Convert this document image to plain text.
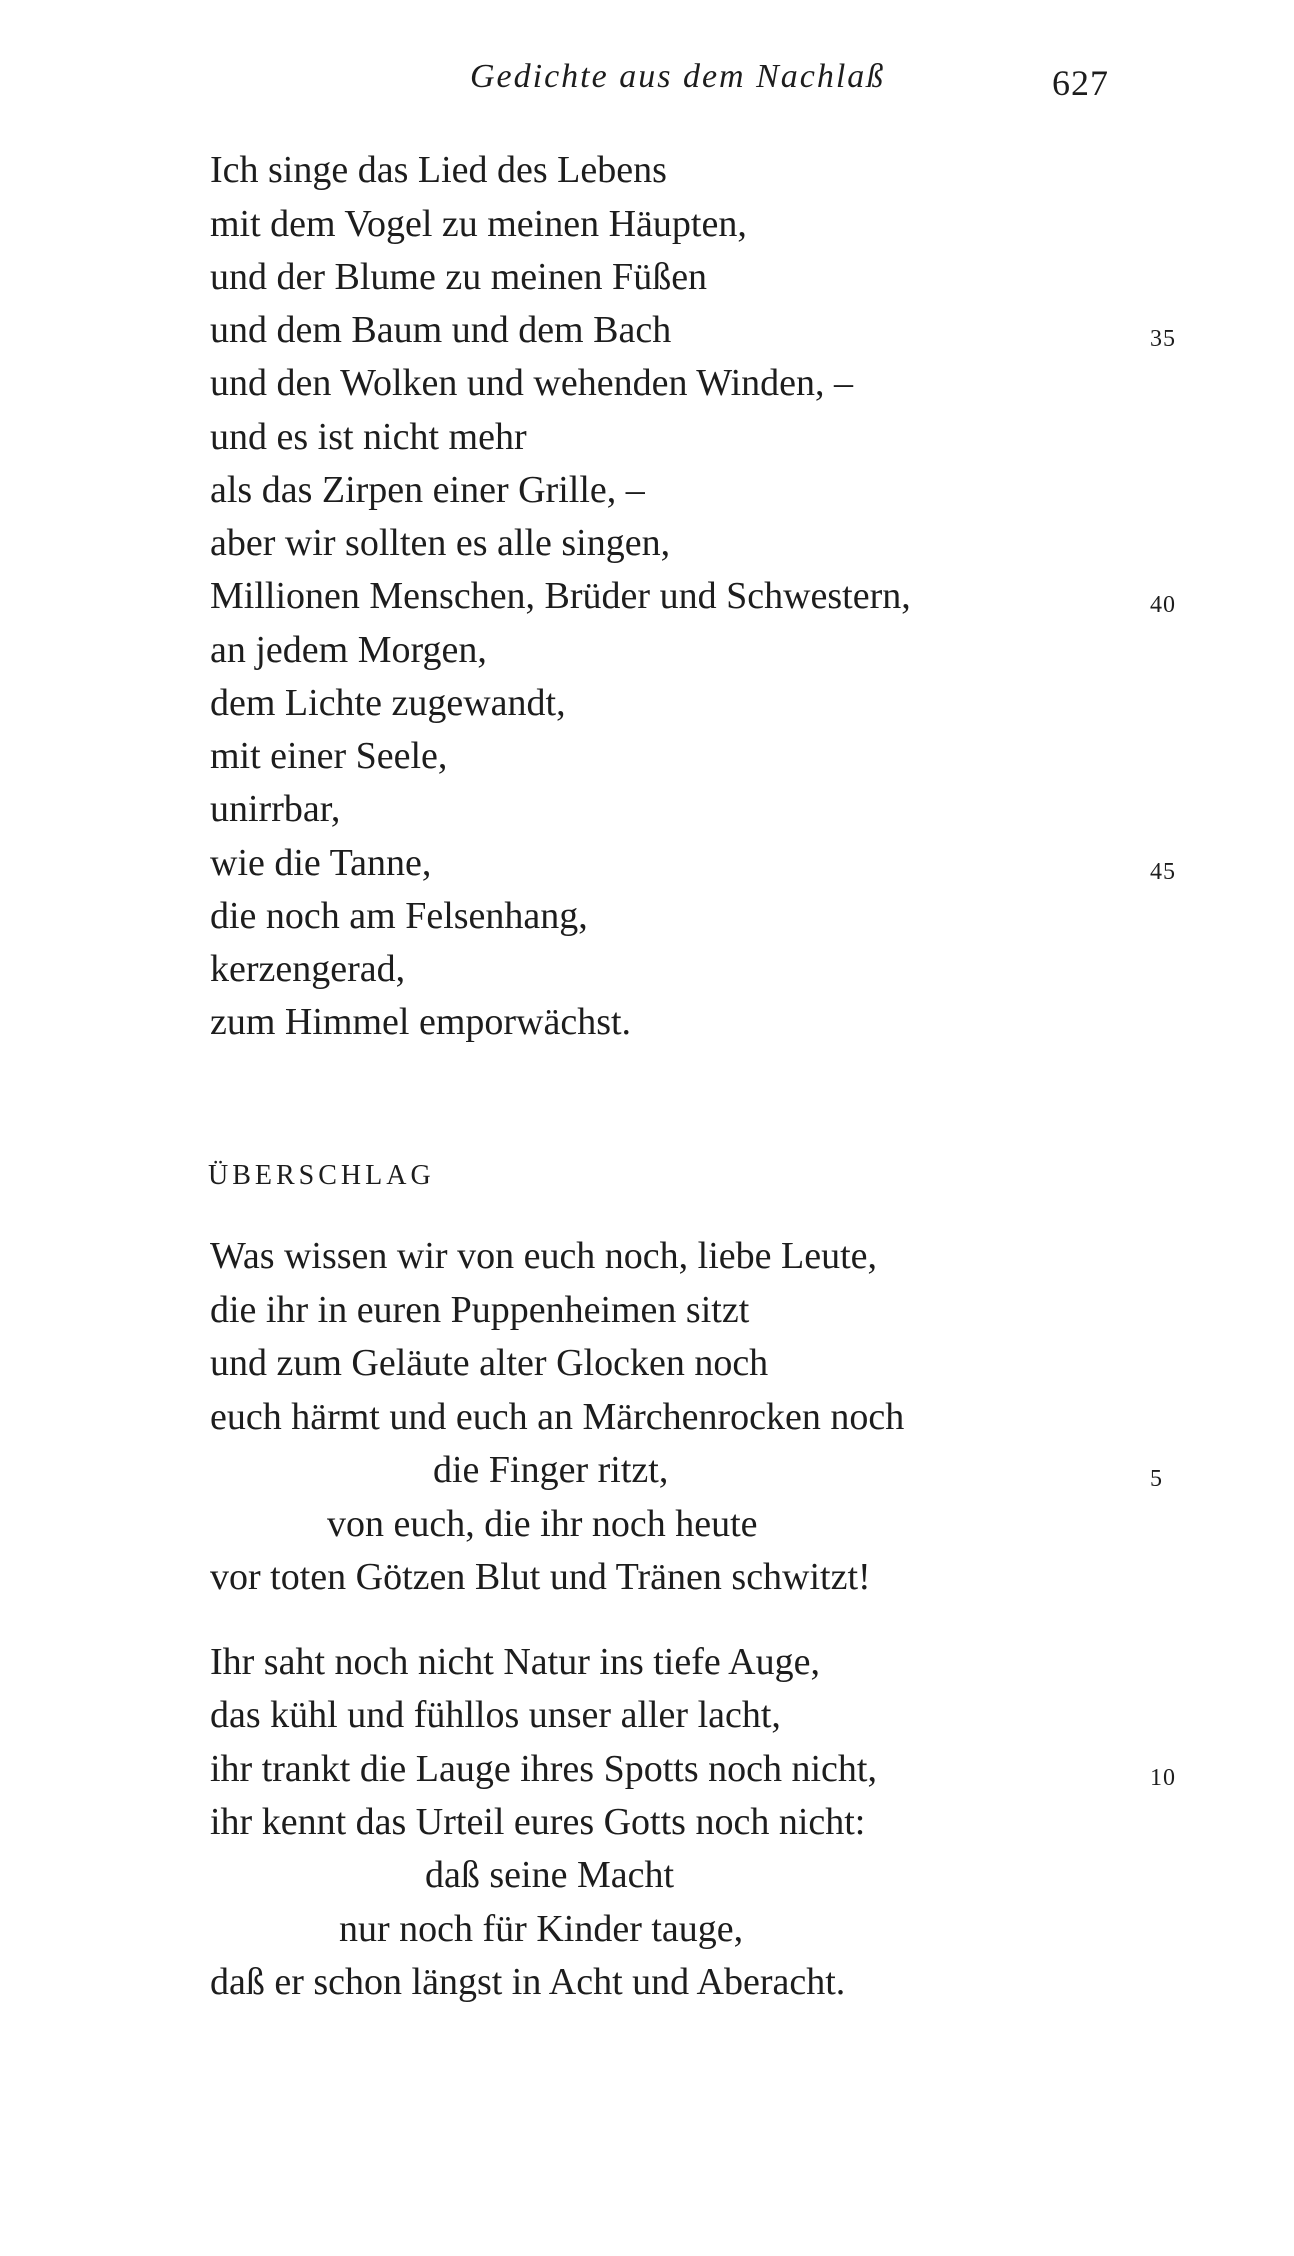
Gedichte aus dem Nachlaß	627
Ich singe das Lied des Lebens
mit dem Vogel zu meinen Häupten,
und der Blume zu meinen Füßen
und dem Baum und dem Bach
und den Wolken und wehenden Winden, –
und es ist nicht mehr
als das Zirpen einer Grille, –
aber wir sollten es alle singen,
Millionen Menschen, Brüder und Schwestern,
an jedem Morgen,
dem Lichte zugewandt,
mit einer Seele,
unirrbar,
wie die Tanne,
die noch am Felsenhang,
kerzengerad,
zum Himmel emporwächst.
35
40
45
ÜBERSCHLAG
Was wissen wir von euch noch, liebe Leute,
die ihr in euren Puppenheimen sitzt
und zum Geläute alter Glocken noch
euch härmt und euch an Märchenrocken noch
die Finger ritzt,
von euch, die ihr noch heute
vor toten Götzen Blut und Tränen schwitzt!
Ihr saht noch nicht Natur ins tiefe Auge,
das kühl und fühllos unser aller lacht,
ihr trankt die Lauge ihres Spotts noch nicht,
ihr kennt das Urteil eures Gotts noch nicht:
daß seine Macht
nur noch für Kinder tauge,
daß er schon längst in Acht und Aberacht.
5
10
